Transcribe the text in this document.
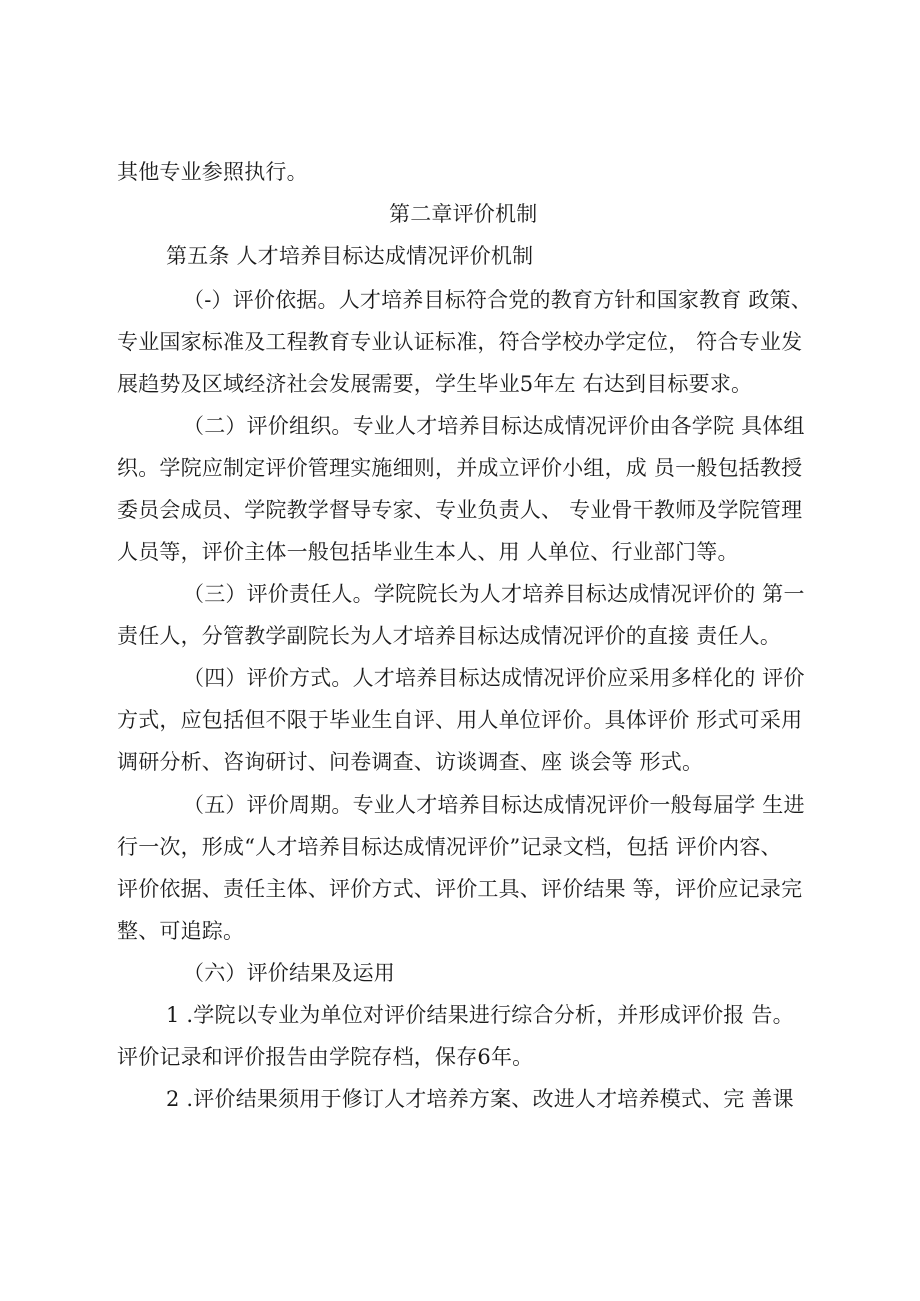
其他专业参照执行。
第二章评价机制
第五条 人才培养目标达成情况评价机制
（-）评价依据。人才培养目标符合党的教育方针和国家教育 政策、
专业国家标准及工程教育专业认证标准，符合学校办学定位， 符合专业发
展趋势及区域经济社会发展需要，学生毕业5年左 右达到目标要求。
（二）评价组织。专业人才培养目标达成情况评价由各学院 具体组
织。学院应制定评价管理实施细则，并成立评价小组，成 员一般包括教授
委员会成员、学院教学督导专家、专业负责人、 专业骨干教师及学院管理
人员等，评价主体一般包括毕业生本人、用 人单位、行业部门等。
（三）评价责任人。学院院长为人才培养目标达成情况评价的 第一
责任人，分管教学副院长为人才培养目标达成情况评价的直接 责任人。
（四）评价方式。人才培养目标达成情况评价应采用多样化的 评价
方式，应包括但不限于毕业生自评、用人单位评价。具体评价 形式可采用
调研分析、咨询研讨、问卷调查、访谈调查、座 谈会等 形式。
（五）评价周期。专业人才培养目标达成情况评价一般每届学 生进
行一次，形成“人才培养目标达成情况评价”记录文档，包括 评价内容、
评价依据、责任主体、评价方式、评价工具、评价结果 等，评价应记录完
整、可追踪。
（六）评价结果及运用
1 .学院以专业为单位对评价结果进行综合分析，并形成评价报 告。
评价记录和评价报告由学院存档，保存6年。
2 .评价结果须用于修订人才培养方案、改进人才培养模式、完 善课
